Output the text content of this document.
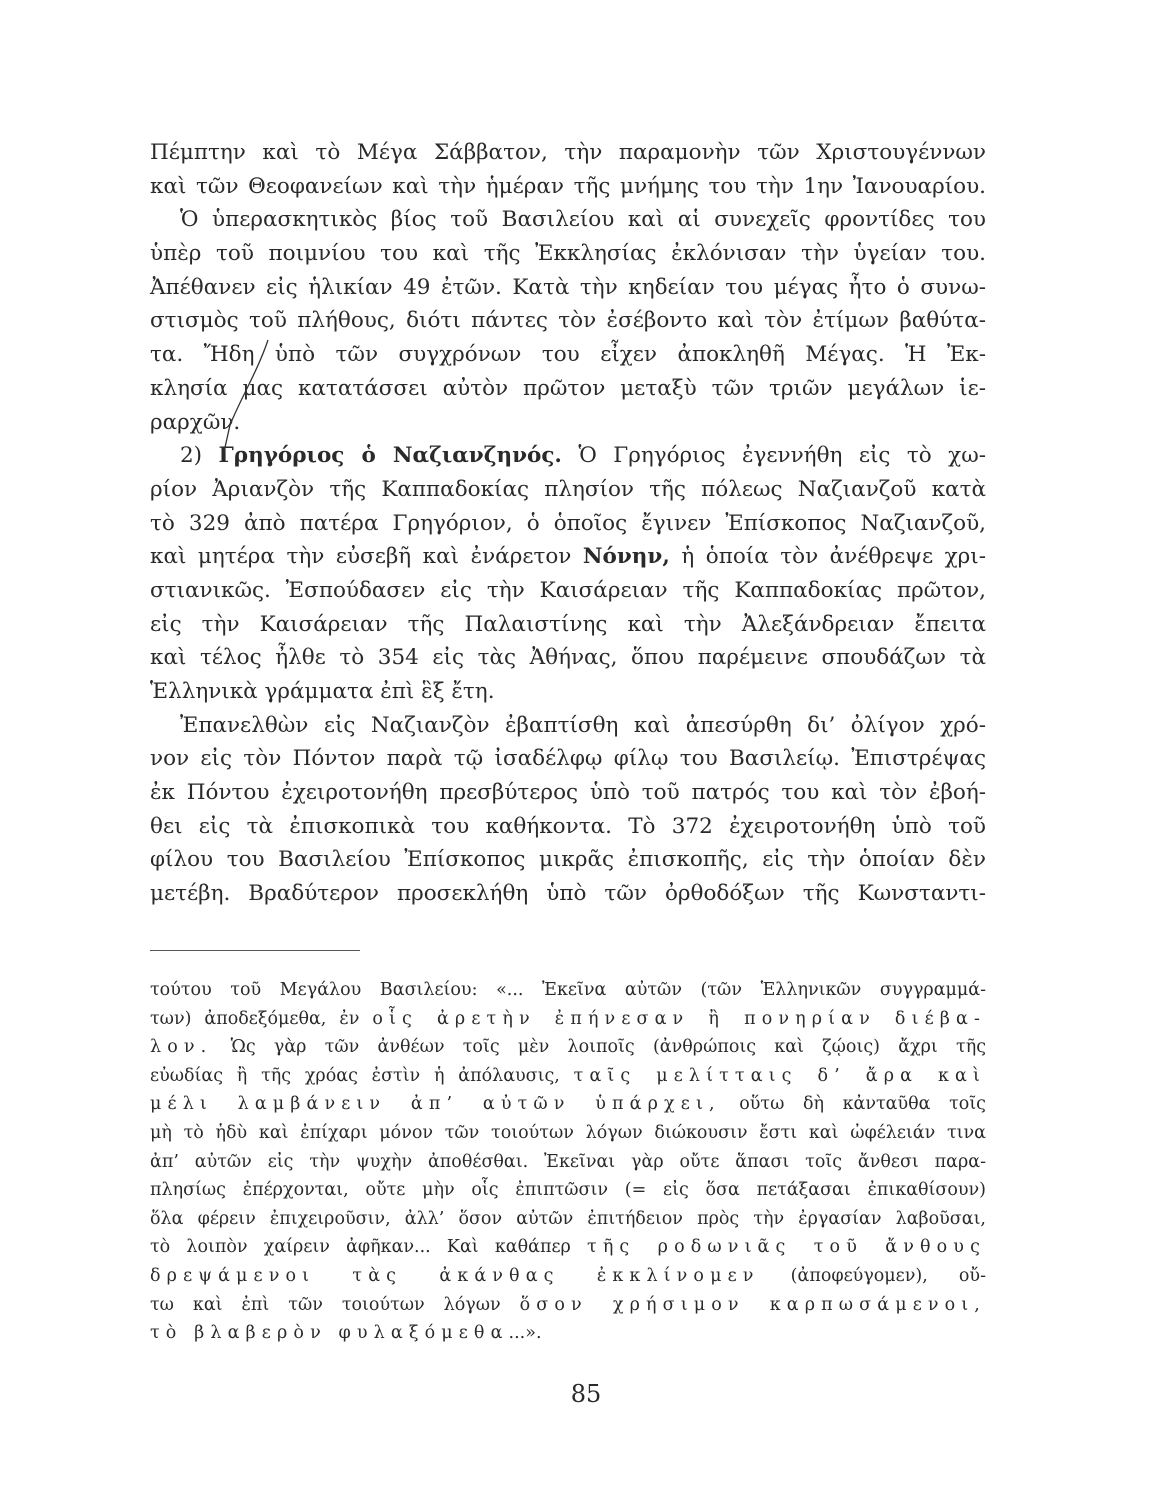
Πέμπτην καὶ τὸ Μέγα Σάββατον, τὴν παραμονὴν τῶν Χριστουγέννων
καὶ τῶν Θεοφανείων καὶ τὴν ἡμέραν τῆς μνήμης του τὴν 1ην Ἰανουαρίου.
Ὁ ὑπερασκητικὸς βίος τοῦ Βασιλείου καὶ αἱ συνεχεῖς φροντίδες του
ὑπὲρ τοῦ ποιμνίου του καὶ τῆς Ἐκκλησίας ἐκλόνισαν τὴν ὑγείαν του.
Ἀπέθανεν εἰς ἡλικίαν 49 ἐτῶν. Κατὰ τὴν κηδείαν του μέγας ἦτο ὁ συνω-
στισμὸς τοῦ πλήθους, διότι πάντες τὸν ἐσέβοντο καὶ τὸν ἐτίμων βαθύτα-
τα. Ἤδη ὑπὸ τῶν συγχρόνων του εἶχεν ἀποκληθῆ Μέγας. Ἡ Ἐκ-
κλησία μας κατατάσσει αὐτὸν πρῶτον μεταξὺ τῶν τριῶν μεγάλων ἱε-
ραρχῶν.
2) Γρηγόριος ὁ Ναζιανζηνός. Ὁ Γρηγόριος ἐγεννήθη εἰς τὸ χω-
ρίον Ἀριανζὸν τῆς Καππαδοκίας πλησίον τῆς πόλεως Ναζιανζοῦ κατὰ
τὸ 329 ἀπὸ πατέρα Γρηγόριον, ὁ ὁποῖος ἔγινεν Ἐπίσκοπος Ναζιανζοῦ,
καὶ μητέρα τὴν εὐσεβῆ καὶ ἐνάρετον Νόνην, ἡ ὁποία τὸν ἀνέθρεψε χρι-
στιανικῶς. Ἐσπούδασεν εἰς τὴν Καισάρειαν τῆς Καππαδοκίας πρῶτον,
εἰς τὴν Καισάρειαν τῆς Παλαιστίνης καὶ τὴν Ἀλεξάνδρειαν ἔπειτα
καὶ τέλος ἦλθε τὸ 354 εἰς τὰς Ἀθήνας, ὅπου παρέμεινε σπουδάζων τὰ
Ἑλληνικὰ γράμματα ἐπὶ ἓξ ἔτη.
Ἐπανελθὼν εἰς Ναζιανζὸν ἐβαπτίσθη καὶ ἀπεσύρθη δι’ ὀλίγον χρό-
νον εἰς τὸν Πόντον παρὰ τῷ ἰσαδέλφῳ φίλῳ του Βασιλείῳ. Ἐπιστρέψας
ἐκ Πόντου ἐχειροτονήθη πρεσβύτερος ὑπὸ τοῦ πατρός του καὶ τὸν ἐβοή-
θει εἰς τὰ ἐπισκοπικὰ του καθήκοντα. Τὸ 372 ἐχειροτονήθη ὑπὸ τοῦ
φίλου του Βασιλείου Ἐπίσκοπος μικρᾶς ἐπισκοπῆς, εἰς τὴν ὁποίαν δὲν
μετέβη. Βραδύτερον προσεκλήθη ὑπὸ τῶν ὀρθοδόξων τῆς Κωνσταντι-
τούτου τοῦ Μεγάλου Βασιλείου: «... Ἐκεῖνα αὐτῶν (τῶν Ἑλληνικῶν συγγραμμά-
των) ἀποδεξόμεθα, ἐν οἷς ἀρετὴν ἐπήνεσαν ἢ πονηρίαν διέβα-
λον. Ὡς γὰρ τῶν ἀνθέων τοῖς μὲν λοιποῖς (ἀνθρώποις καὶ ζῴοις) ἄχρι τῆς
εὐωδίας ἢ τῆς χρόας ἐστὶν ἡ ἀπόλαυσις, ταῖς μελίτταις δ’ ἄρα καὶ
μέλι λαμβάνειν ἀπ’ αὐτῶν ὑπάρχει, οὕτω δὴ κἀνταῦθα τοῖς
μὴ τὸ ἡδὺ καὶ ἐπίχαρι μόνον τῶν τοιούτων λόγων διώκουσιν ἔστι καὶ ὠφέλειάν τινα
ἀπ’ αὐτῶν εἰς τὴν ψυχὴν ἀποθέσθαι. Ἐκεῖναι γὰρ οὔτε ἅπασι τοῖς ἄνθεσι παρα-
πλησίως ἐπέρχονται, οὔτε μὴν οἷς ἐπιπτῶσιν (= εἰς ὅσα πετάξασαι ἐπικαθίσουν)
ὅλα φέρειν ἐπιχειροῦσιν, ἀλλ’ ὅσον αὐτῶν ἐπιτήδειον πρὸς τὴν ἐργασίαν λαβοῦσαι,
τὸ λοιπὸν χαίρειν ἀφῆκαν... Καὶ καθάπερ τῆς ροδωνιᾶς τοῦ ἄνθους
δρεψάμενοι τὰς ἀκάνθας ἐκκλίνομεν (ἀποφεύγομεν), οὔ-
τω καὶ ἐπὶ τῶν τοιούτων λόγων ὅσον χρήσιμον καρπωσάμενοι,
τὸ βλαβερὸν φυλαξόμεθα...».
85
